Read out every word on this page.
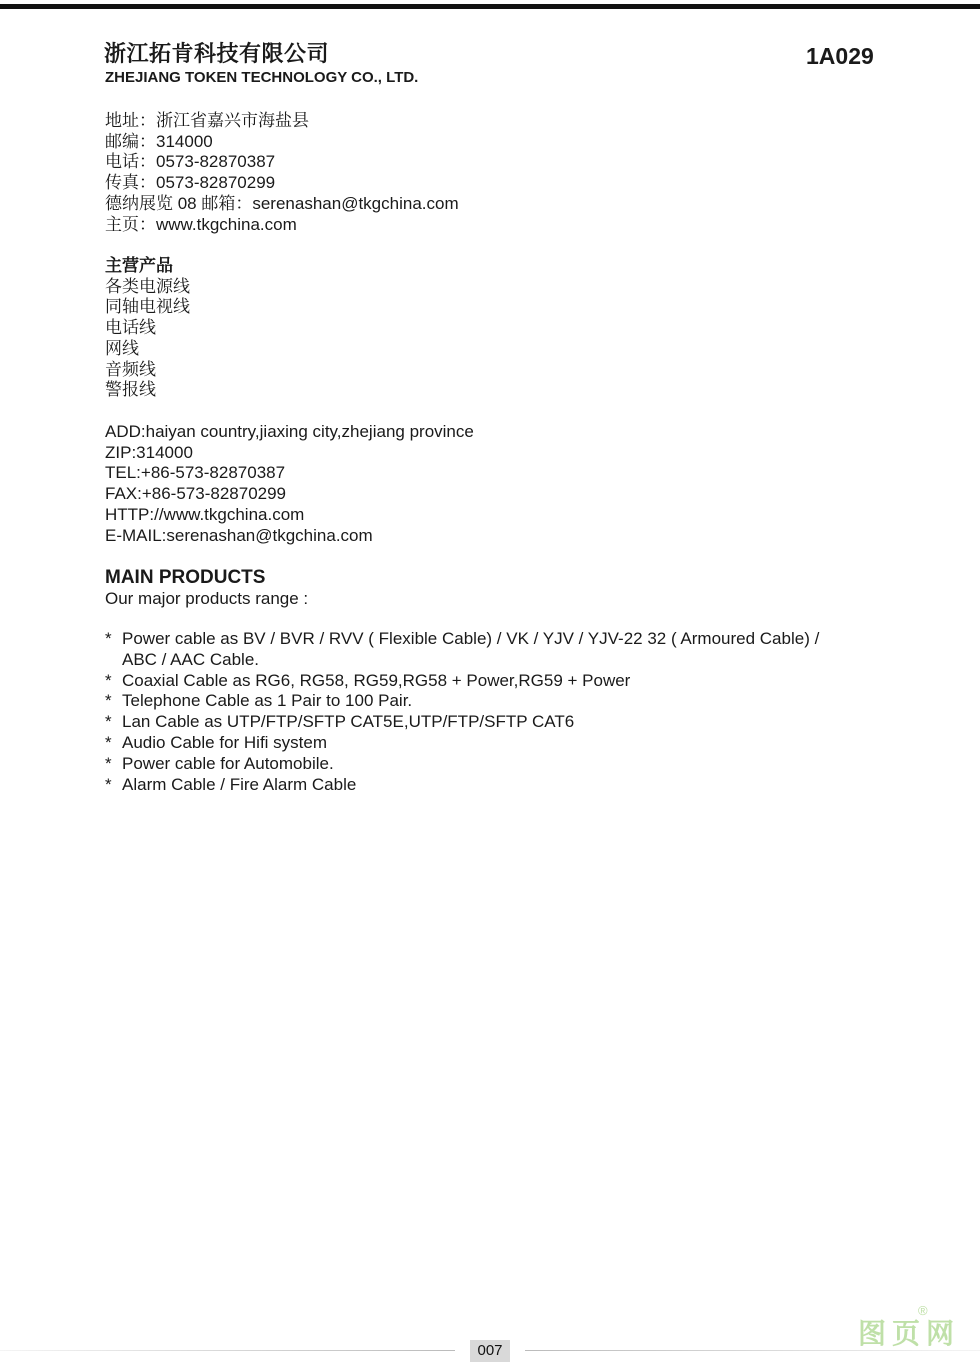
浙江拓肯科技有限公司
ZHEJIANG TOKEN TECHNOLOGY CO., LTD.
1A029
地址：浙江省嘉兴市海盐县
邮编：314000
电话：0573-82870387
传真：0573-82870299
德纳展览 08 邮箱：serenashan@tkgchina.com
主页：www.tkgchina.com
主营产品
各类电源线
同轴电视线
电话线
网线
音频线
警报线
ADD:haiyan country,jiaxing city,zhejiang province
ZIP:314000
TEL:+86-573-82870387
FAX:+86-573-82870299
HTTP://www.tkgchina.com
E-MAIL:serenashan@tkgchina.com
MAIN PRODUCTS
Our major products range :
* Power cable as BV / BVR / RVV ( Flexible Cable) / VK / YJV / YJV-22 32 ( Armoured Cable) / ABC / AAC Cable.
* Coaxial Cable as RG6, RG58, RG59,RG58 + Power,RG59 + Power
* Telephone Cable as 1 Pair to 100 Pair.
* Lan Cable as UTP/FTP/SFTP CAT5E,UTP/FTP/SFTP CAT6
* Audio Cable for Hifi system
* Power cable for Automobile.
* Alarm Cable / Fire Alarm Cable
007
图页网
®
